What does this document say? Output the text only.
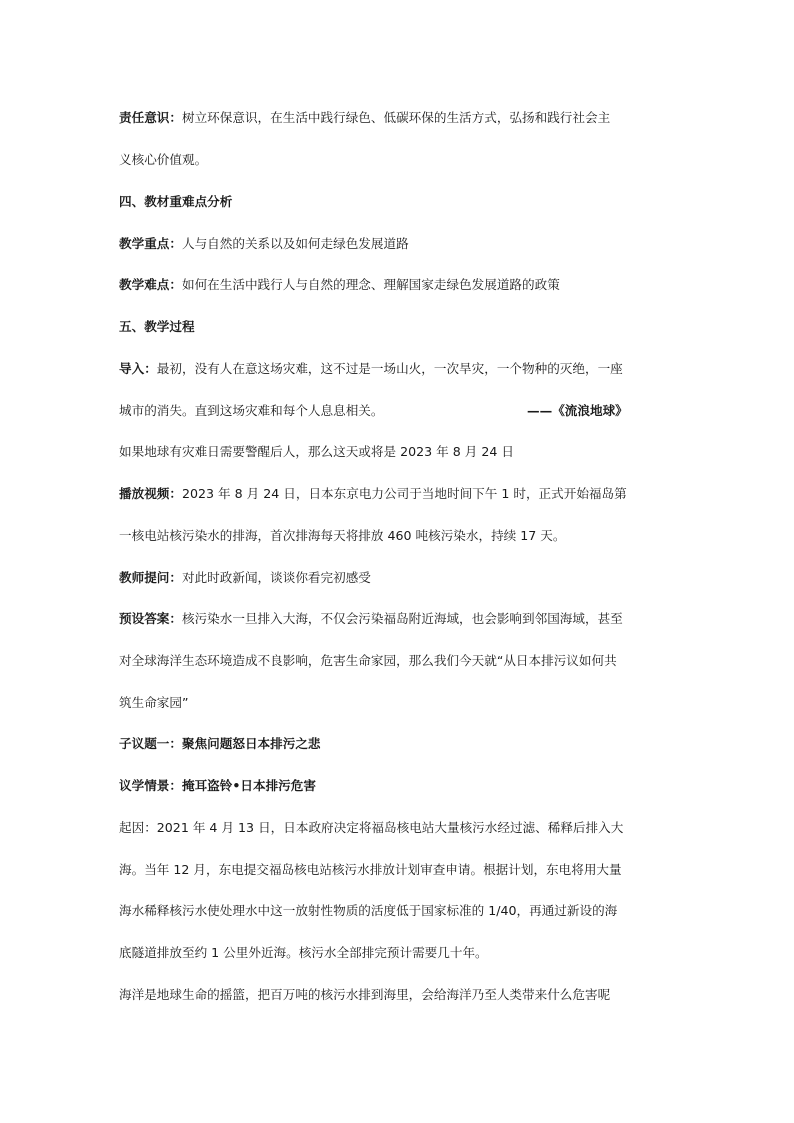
责任意识：树立环保意识，在生活中践行绿色、低碳环保的生活方式，弘扬和践行社会主
义核心价值观。
四、教材重难点分析
教学重点：人与自然的关系以及如何走绿色发展道路
教学难点：如何在生活中践行人与自然的理念、理解国家走绿色发展道路的政策
五、教学过程
导入：最初，没有人在意这场灾难，这不过是一场山火，一次旱灾，一个物种的灭绝，一座
城市的消失。直到这场灾难和每个人息息相关。	——《流浪地球》
如果地球有灾难日需要警醒后人，那么这天或将是 2023 年 8 月 24 日
播放视频：2023 年 8 月 24 日，日本东京电力公司于当地时间下午 1 时，正式开始福岛第
一核电站核污染水的排海，首次排海每天将排放 460 吨核污染水，持续 17 天。
教师提问：对此时政新闻，谈谈你看完初感受
预设答案：核污染水一旦排入大海，不仅会污染福岛附近海域，也会影响到邻国海域，甚至
对全球海洋生态环境造成不良影响，危害生命家园，那么我们今天就“从日本排污议如何共
筑生命家园”
子议题一：聚焦问题怒日本排污之悲
议学情景：掩耳盗铃•日本排污危害
起因：2021 年 4 月 13 日，日本政府决定将福岛核电站大量核污水经过滤、稀释后排入大
海。当年 12 月，东电提交福岛核电站核污水排放计划审查申请。根据计划，东电将用大量
海水稀释核污水使处理水中这一放射性物质的活度低于国家标准的 1/40，再通过新设的海
底隧道排放至约 1 公里外近海。核污水全部排完预计需要几十年。
海洋是地球生命的摇篮，把百万吨的核污水排到海里，会给海洋乃至人类带来什么危害呢
